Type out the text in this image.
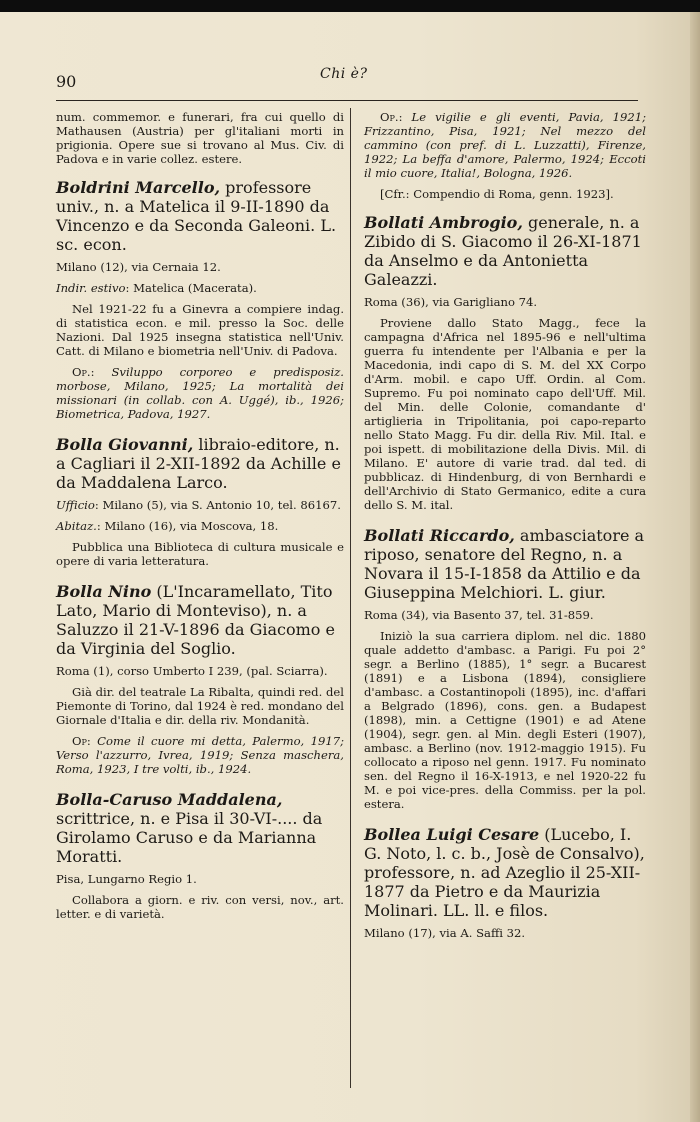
90	Chi è?
num. commemor. e funerari, fra cui quello di Mathausen (Austria) per gl'italiani morti in prigionia. Opere sue si trovano al Mus. Civ. di Padova e in varie collez. estere.
Boldrini Marcello, professore univ., n. a Matelica il 9-II-1890 da Vincenzo e da Seconda Galeoni. L. sc. econ.
Milano (12), via Cernaia 12.
Indir. estivo: Matelica (Macerata).
Nel 1921-22 fu a Ginevra a compiere indag. di statistica econ. e mil. presso la Soc. delle Nazioni. Dal 1925 insegna statistica nell'Univ. Catt. di Milano e biometria nell'Univ. di Padova.
Op.: Sviluppo corporeo e predisposiz. morbose, Milano, 1925; La mortalità dei missionari (in collab. con A. Uggé), ib., 1926; Biometrica, Padova, 1927.
Bolla Giovanni, libraio-editore, n. a Cagliari il 2-XII-1892 da Achille e da Maddalena Larco.
Ufficio: Milano (5), via S. Antonio 10, tel. 86167.
Abitaz.: Milano (16), via Moscova, 18.
Pubblica una Biblioteca di cultura musicale e opere di varia letteratura.
Bolla Nino (L'Incaramellato, Tito Lato, Mario di Monteviso), n. a Saluzzo il 21-V-1896 da Giacomo e da Virginia del Soglio.
Roma (1), corso Umberto I 239, (pal. Sciarra).
Già dir. del teatrale La Ribalta, quindi red. del Piemonte di Torino, dal 1924 è red. mondano del Giornale d'Italia e dir. della riv. Mondanità.
Op: Come il cuore mi detta, Palermo, 1917; Verso l'azzurro, Ivrea, 1919; Senza maschera, Roma, 1923, I tre volti, ib., 1924.
Bolla-Caruso Maddalena, scrittrice, n. e Pisa il 30-VI-.... da Girolamo Caruso e da Marianna Moratti.
Pisa, Lungarno Regio 1.
Collabora a giorn. e riv. con versi, nov., art. letter. e di varietà.
Op.: Le vigilie e gli eventi, Pavia, 1921; Frizzantino, Pisa, 1921; Nel mezzo del cammino (con pref. di L. Luzzatti), Firenze, 1922; La beffa d'amore, Palermo, 1924; Eccoti il mio cuore, Italia!, Bologna, 1926.
[Cfr.: Compendio di Roma, genn. 1923].
Bollati Ambrogio, generale, n. a Zibido di S. Giacomo il 26-XI-1871 da Anselmo e da Antonietta Galeazzi.
Roma (36), via Garigliano 74.
Proviene dallo Stato Magg., fece la campagna d'Africa nel 1895-96 e nell'ultima guerra fu intendente per l'Albania e per la Macedonia, indi capo di S. M. del XX Corpo d'Arm. mobil. e capo Uff. Ordin. al Com. Supremo. Fu poi nominato capo dell'Uff. Mil. del Min. delle Colonie, comandante d' artiglieria in Tripolitania, poi capo-reparto nello Stato Magg. Fu dir. della Riv. Mil. Ital. e poi ispett. di mobilitazione della Divis. Mil. di Milano. E' autore di varie trad. dal ted. di pubblicaz. di Hindenburg, di von Bernhardi e dell'Archivio di Stato Germanico, edite a cura dello S. M. ital.
Bollati Riccardo, ambasciatore a riposo, senatore del Regno, n. a Novara il 15-I-1858 da Attilio e da Giuseppina Melchiori. L. giur.
Roma (34), via Basento 37, tel. 31-859.
Iniziò la sua carriera diplom. nel dic. 1880 quale addetto d'ambasc. a Parigi. Fu poi 2° segr. a Berlino (1885), 1° segr. a Bucarest (1891) e a Lisbona (1894), consigliere d'ambasc. a Costantinopoli (1895), inc. d'affari a Belgrado (1896), cons. gen. a Budapest (1898), min. a Cettigne (1901) e ad Atene (1904), segr. gen. al Min. degli Esteri (1907), ambasc. a Berlino (nov. 1912-maggio 1915). Fu collocato a riposo nel genn. 1917. Fu nominato sen. del Regno il 16-X-1913, e nel 1920-22 fu M. e poi vice-pres. della Commiss. per la pol. estera.
Bollea Luigi Cesare (Lucebo, I. G. Noto, l. c. b., Josè de Consalvo), professore, n. ad Azeglio il 25-XII-1877 da Pietro e da Maurizia Molinari. LL. ll. e filos.
Milano (17), via A. Saffi 32.
